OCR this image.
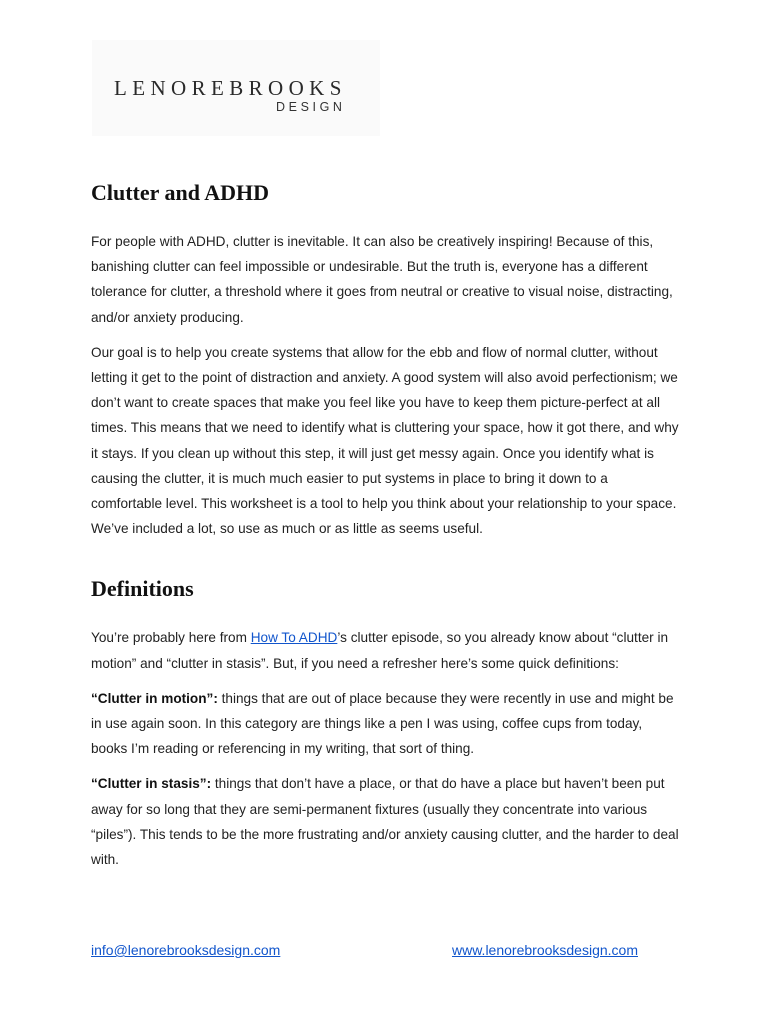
LENOREBROOKS
DESIGN
Clutter and ADHD

For people with ADHD, clutter is inevitable. It can also be creatively inspiring! Because of this, banishing clutter can feel impossible or undesirable. But the truth is, everyone has a different tolerance for clutter, a threshold where it goes from neutral or creative to visual noise, distracting, and/or anxiety producing.

Our goal is to help you create systems that allow for the ebb and flow of normal clutter, without letting it get to the point of distraction and anxiety. A good system will also avoid perfectionism; we don’t want to create spaces that make you feel like you have to keep them picture-perfect at all times. This means that we need to identify what is cluttering your space, how it got there, and why it stays. If you clean up without this step, it will just get messy again. Once you identify what is causing the clutter, it is much much easier to put systems in place to bring it down to a comfortable level. This worksheet is a tool to help you think about your relationship to your space. We’ve included a lot, so use as much or as little as seems useful.

Definitions

You’re probably here from How To ADHD’s clutter episode, so you already know about “clutter in motion” and “clutter in stasis”. But, if you need a refresher here’s some quick definitions:

“Clutter in motion”: things that are out of place because they were recently in use and might be in use again soon. In this category are things like a pen I was using, coffee cups from today, books I’m reading or referencing in my writing, that sort of thing.

“Clutter in stasis”: things that don’t have a place, or that do have a place but haven’t been put away for so long that they are semi-permanent fixtures (usually they concentrate into various “piles”). This tends to be the more frustrating and/or anxiety causing clutter, and the harder to deal with.

info@lenorebrooksdesign.com	www.lenorebrooksdesign.com
